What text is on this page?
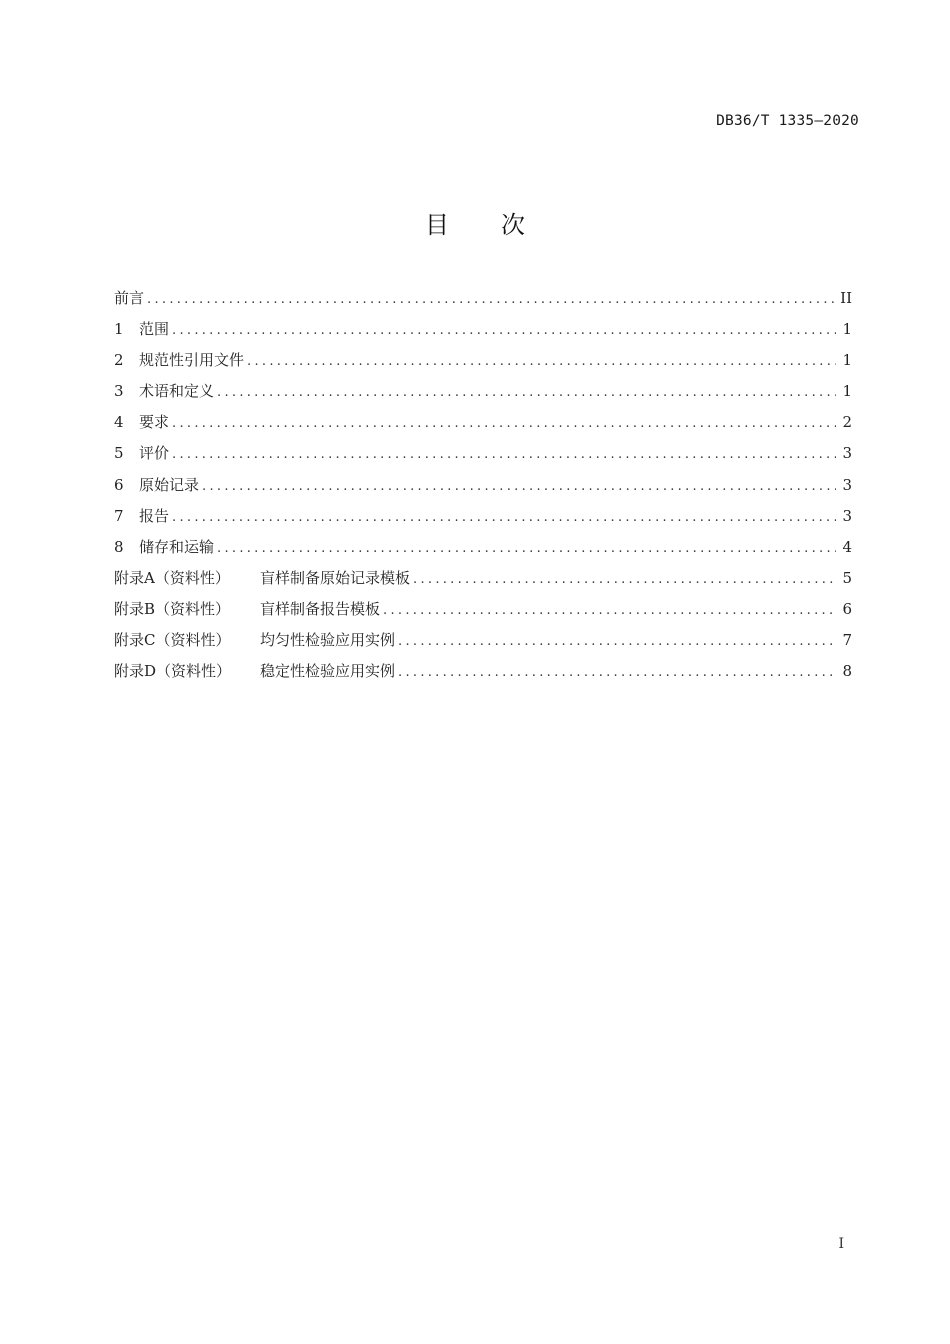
DB36/T 1335—2020
目次
前言 .....	II
1	范围 .....	1
2	规范性引用文件 .....	1
3	术语和定义 .....	1
4	要求 .....	2
5	评价 .....	3
6	原始记录 .....	3
7	报告 .....	3
8	储存和运输 .....	4
附录A（资料性）	盲样制备原始记录模板 .....	5
附录B（资料性）	盲样制备报告模板 .....	6
附录C（资料性）	均匀性检验应用实例 .....	7
附录D（资料性）	稳定性检验应用实例 .....	8
I
